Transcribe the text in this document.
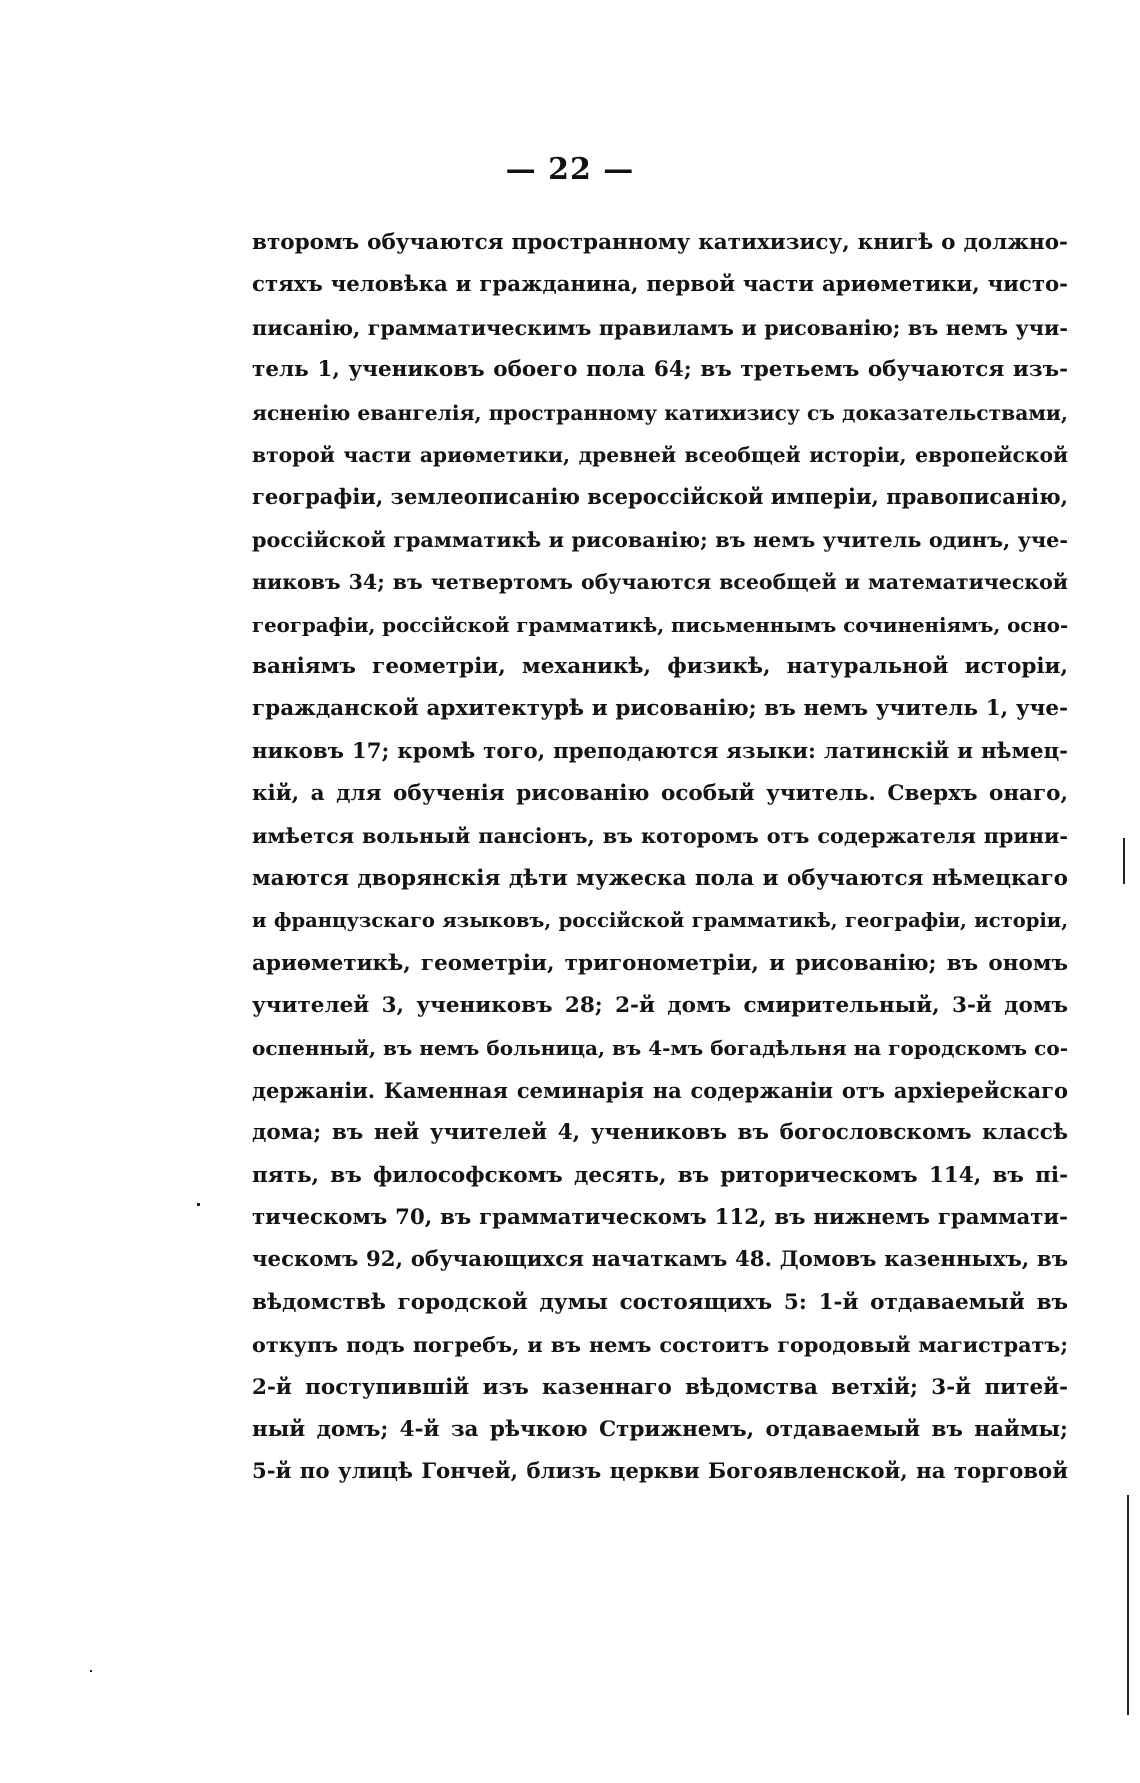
— 22 —
второмъ обучаются пространному катихизису, книгѣ о должно-
стяхъ человѣка и гражданина, первой части ариѳметики, чисто-
писанію, грамматическимъ правиламъ и рисованію; въ немъ учи-
тель 1, учениковъ обоего пола 64; въ третьемъ обучаются изъ-
ясненію евангелія, пространному катихизису съ доказательствами,
второй части ариѳметики, древней всеобщей исторіи, европейской
географіи, землеописанію всероссійской имперіи, правописанію,
россійской грамматикѣ и рисованію; въ немъ учитель одинъ, уче-
никовъ 34; въ четвертомъ обучаются всеобщей и математической
географіи, россійской грамматикѣ, письменнымъ сочиненіямъ, осно-
ваніямъ геометріи, механикѣ, физикѣ, натуральной исторіи,
гражданской архитектурѣ и рисованію; въ немъ учитель 1, уче-
никовъ 17; кромѣ того, преподаются языки: латинскій и нѣмец-
кій, а для обученія рисованію особый учитель. Сверхъ онаго,
имѣется вольный пансіонъ, въ которомъ отъ содержателя прини-
маются дворянскія дѣти мужеска пола и обучаются нѣмецкаго
и французскаго языковъ, россійской грамматикѣ, географіи, исторіи,
ариѳметикѣ, геометріи, тригонометріи, и рисованію; въ ономъ
учителей 3, учениковъ 28; 2-й домъ смирительный, 3-й домъ
оспенный, въ немъ больница, въ 4-мъ богадѣльня на городскомъ со-
держаніи. Каменная семинарія на содержаніи отъ архіерейскаго
дома; въ ней учителей 4, учениковъ въ богословскомъ классѣ
пять, въ философскомъ десять, въ риторическомъ 114, въ пі-
тическомъ 70, въ грамматическомъ 112, въ нижнемъ граммати-
ческомъ 92, обучающихся начаткамъ 48. Домовъ казенныхъ, въ
вѣдомствѣ городской думы состоящихъ 5: 1-й отдаваемый въ
откупъ подъ погребъ, и въ немъ состоитъ городовый магистратъ;
2-й поступившій изъ казеннаго вѣдомства ветхій; 3-й питей-
ный домъ; 4-й за рѣчкою Стрижнемъ, отдаваемый въ наймы;
5-й по улицѣ Гончей, близъ церкви Богоявленской, на торговой
